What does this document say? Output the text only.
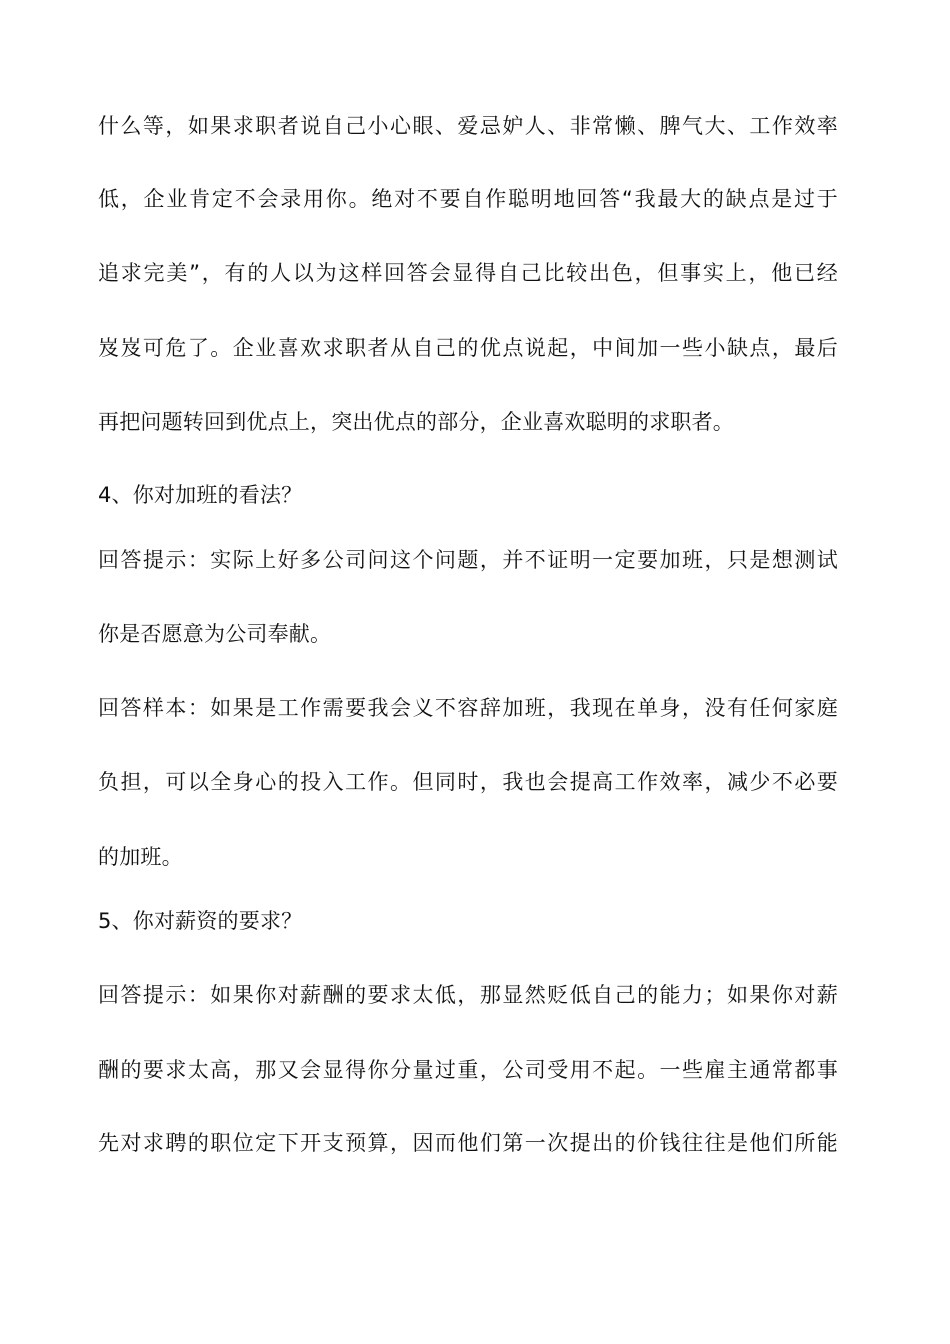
什么等，如果求职者说自己小心眼、爱忌妒人、非常懒、脾气大、工作效率
低，企业肯定不会录用你。绝对不要自作聪明地回答“我最大的缺点是过于
追求完美”，有的人以为这样回答会显得自己比较出色，但事实上，他已经
岌岌可危了。企业喜欢求职者从自己的优点说起，中间加一些小缺点，最后
再把问题转回到优点上，突出优点的部分，企业喜欢聪明的求职者。
4、你对加班的看法？
回答提示：实际上好多公司问这个问题，并不证明一定要加班，只是想测试
你是否愿意为公司奉献。
回答样本：如果是工作需要我会义不容辞加班，我现在单身，没有任何家庭
负担，可以全身心的投入工作。但同时，我也会提高工作效率，减少不必要
的加班。
5、你对薪资的要求？
回答提示：如果你对薪酬的要求太低，那显然贬低自己的能力；如果你对薪
酬的要求太高，那又会显得你分量过重，公司受用不起。一些雇主通常都事
先对求聘的职位定下开支预算，因而他们第一次提出的价钱往往是他们所能
